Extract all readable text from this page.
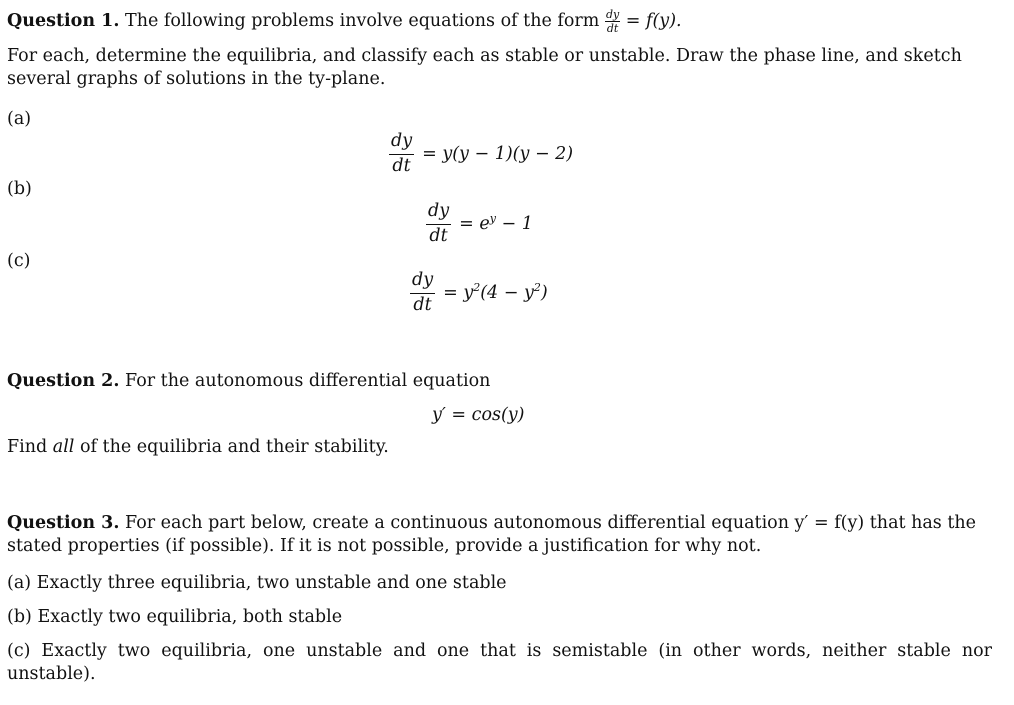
Question 1. The following problems involve equations of the form $\frac{dy}{dt} = f(y)$.

For each, determine the equilibria, and classify each as stable or unstable. Draw the phase line, and sketch several graphs of solutions in the ty-plane.

(a)
$\frac{dy}{dt} = y(y - 1)(y - 2)$
(b)
$\frac{dy}{dt} = e^y - 1$
(c)
$\frac{dy}{dt} = y^2(4 - y^2)$

Question 2. For the autonomous differential equation

y′ = cos(y)

Find all of the equilibria and their stability.

Question 3. For each part below, create a continuous autonomous differential equation y′ = f(y) that has the stated properties (if possible). If it is not possible, provide a justification for why not.

(a) Exactly three equilibria, two unstable and one stable

(b) Exactly two equilibria, both stable

(c) Exactly two equilibria, one unstable and one that is semistable (in other words, neither stable nor unstable).
